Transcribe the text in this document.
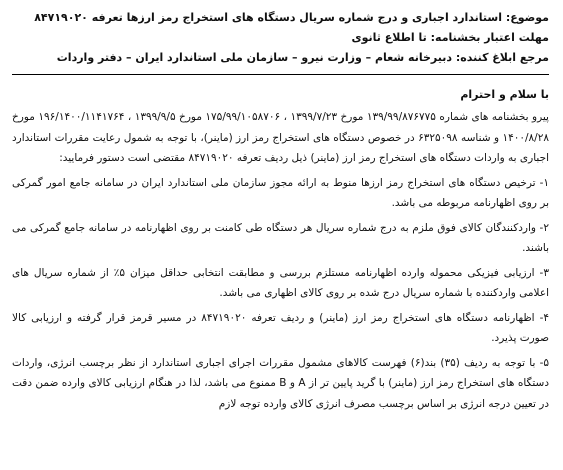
موضوع: استاندارد اجباری و درج شماره سریال دستگاه های استخراج رمز ارزها تعرفه ۸۴۷۱۹۰۲۰
مهلت اعتبار بخشنامه: تا اطلاع ثانوی
مرجع ابلاغ کننده: دبیرخانه شعام – وزارت نیرو – سازمان ملی استاندارد ایران – دفتر واردات
با سلام و احترام

پیرو بخشنامه های شماره ۱۳۹/۹۹/۸۷۶۷۷۵ مورخ ۱۳۹۹/۷/۲۳ ، ۱۷۵/۹۹/۱۰۵۸۷۰۶ مورخ ۱۳۹۹/۹/۵ ، ۱۹۶/۱۴۰۰/۱۱۴۱۷۶۴ مورخ ۱۴۰۰/۸/۲۸ و شناسه ۶۳۲۵۰۹۸ در خصوص دستگاه های استخراج رمز ارز (ماینر)، با توجه به شمول رعایت مقررات استاندارد اجباری به واردات دستگاه های استخراج رمز ارز (ماینر) ذیل ردیف تعرفه ۸۴۷۱۹۰۲۰ مقتضی است دستور فرمایید:

۱- ترخیص دستگاه های استخراج رمز ارزها منوط به ارائه مجوز سازمان ملی استاندارد ایران در سامانه جامع امور گمرکی بر روی اظهارنامه مربوطه می باشد.

۲- واردکنندگان کالای فوق ملزم به درج شماره سریال هر دستگاه طی کامنت بر روی اظهارنامه در سامانه جامع گمرکی می باشند.

۳- ارزیابی فیزیکی محموله وارده اظهارنامه مستلزم بررسی و مطابقت انتخابی حداقل میزان ۵٪ از شماره سریال های اعلامی واردکننده با شماره سریال درج شده بر روی کالای اظهاری می باشد.

۴- اظهارنامه دستگاه های استخراج رمز ارز (ماینر) و ردیف تعرفه ۸۴۷۱۹۰۲۰ در مسیر قرمز قرار گرفته و ارزیابی کالا صورت پذیرد.

۵- با توجه به ردیف (۳۵) بند(۶) فهرست کالاهای مشمول مقررات اجرای اجباری استاندارد از نظر برچسب انرژی، واردات دستگاه های استخراج رمز ارز (ماینر) با گرید پایین تر از A و B ممنوع می باشد، لذا در هنگام ارزیابی کالای وارده ضمن دقت در تعیین درجه انرژی بر اساس برچسب مصرف انرژی کالای وارده توجه لازم
